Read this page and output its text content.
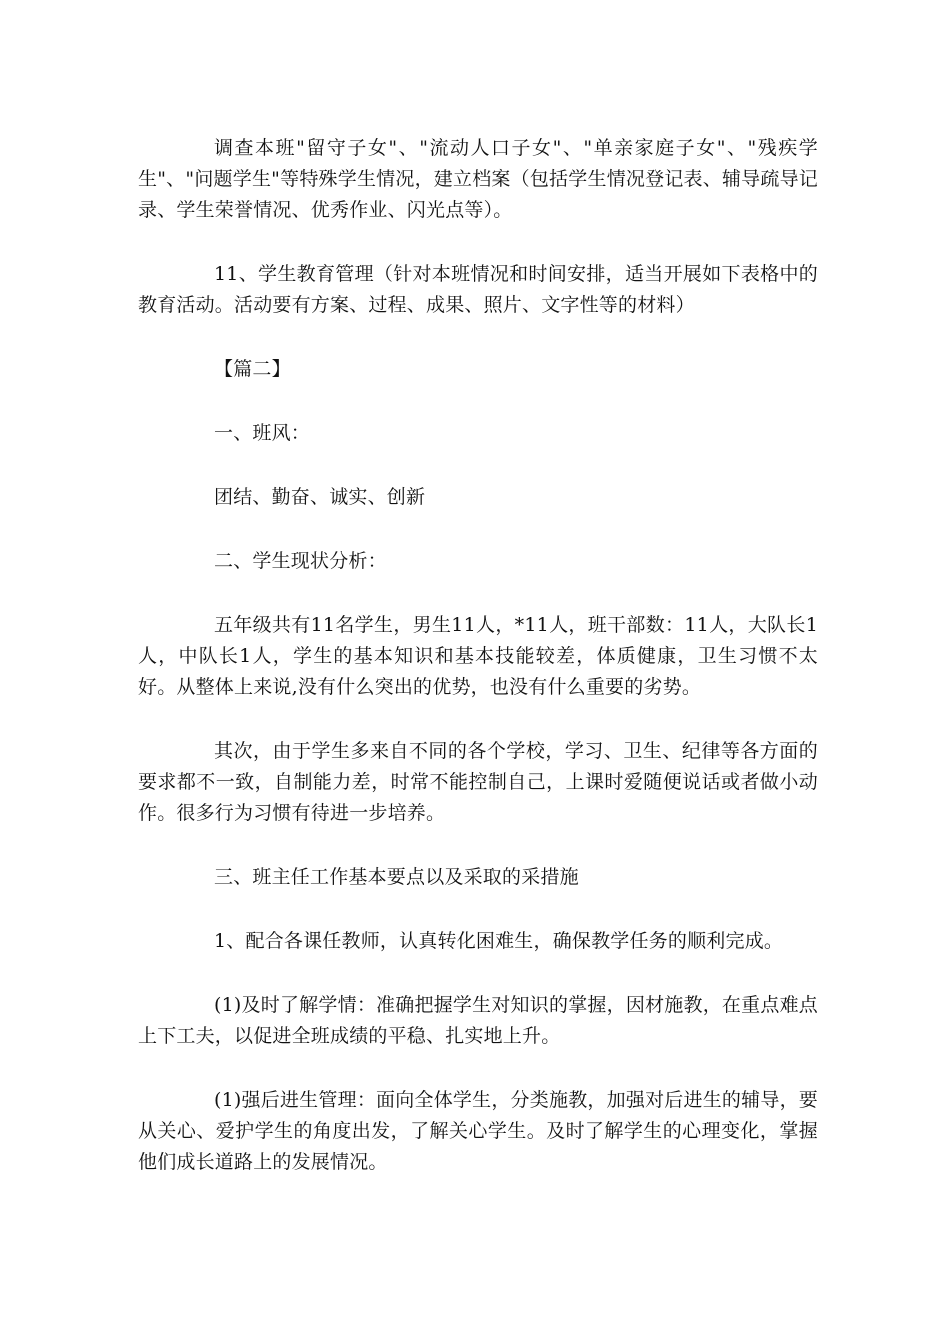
调查本班"留守子女"、"流动人口子女"、"单亲家庭子女"、"残疾学生"、"问题学生"等特殊学生情况，建立档案（包括学生情况登记表、辅导疏导记录、学生荣誉情况、优秀作业、闪光点等）。

11、学生教育管理（针对本班情况和时间安排，适当开展如下表格中的教育活动。活动要有方案、过程、成果、照片、文字性等的材料）

【篇二】

一、班风：

团结、勤奋、诚实、创新

二、学生现状分析：

五年级共有11名学生，男生11人，*11人，班干部数：11人，大队长1人，中队长1人，学生的基本知识和基本技能较差，体质健康，卫生习惯不太好。从整体上来说,没有什么突出的优势，也没有什么重要的劣势。

其次，由于学生多来自不同的各个学校，学习、卫生、纪律等各方面的要求都不一致，自制能力差，时常不能控制自己，上课时爱随便说话或者做小动作。很多行为习惯有待进一步培养。

三、班主任工作基本要点以及采取的采措施

1、配合各课任教师，认真转化困难生，确保教学任务的顺利完成。

(1)及时了解学情：准确把握学生对知识的掌握，因材施教，在重点难点上下工夫，以促进全班成绩的平稳、扎实地上升。

(1)强后进生管理：面向全体学生，分类施教，加强对后进生的辅导，要从关心、爱护学生的角度出发，了解关心学生。及时了解学生的心理变化，掌握他们成长道路上的发展情况。
